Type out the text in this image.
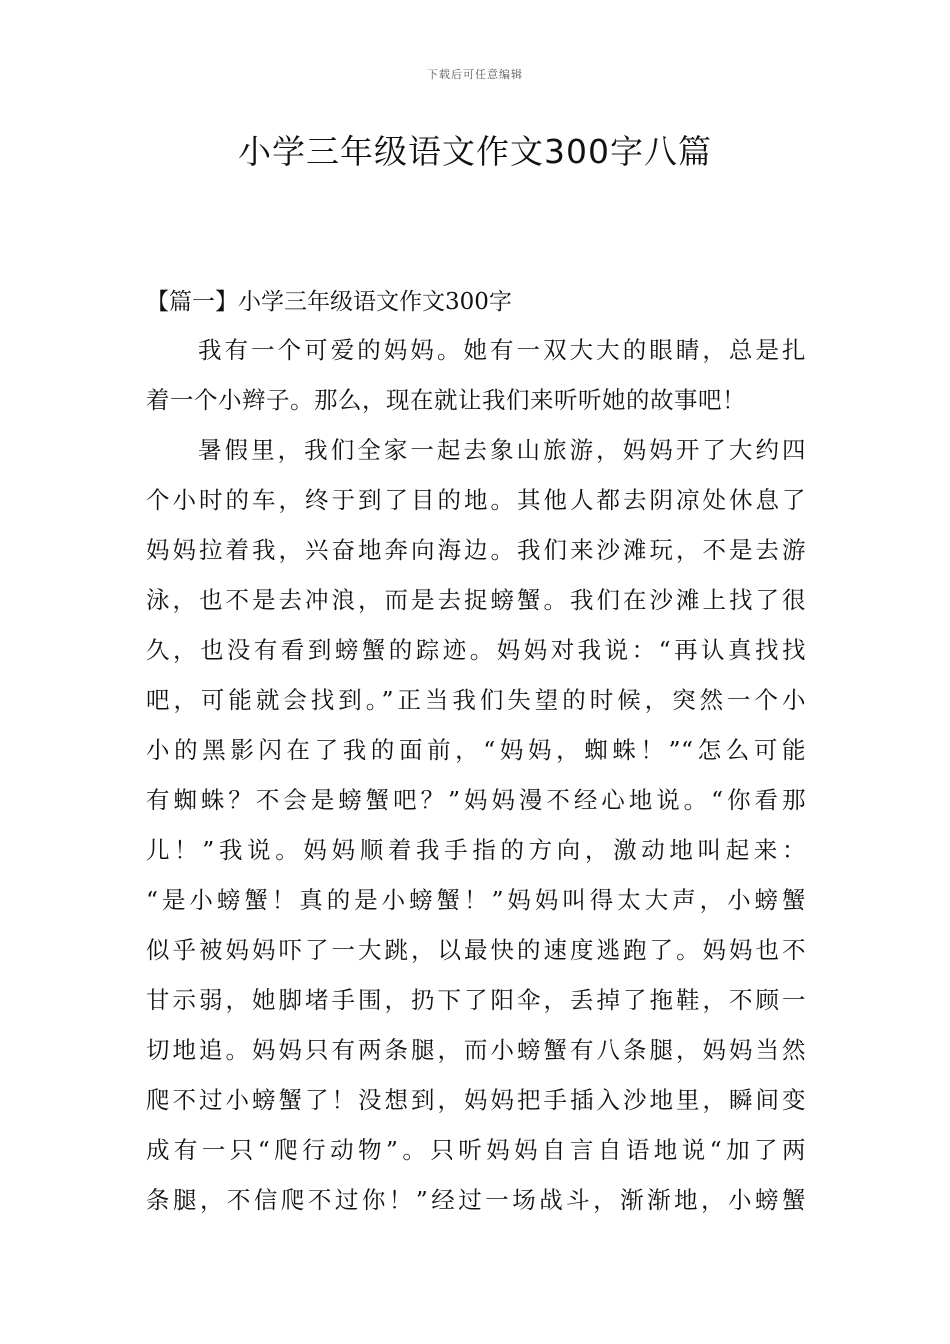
下载后可任意编辑
小学三年级语文作文300字八篇
【篇一】小学三年级语文作文300字
我有一个可爱的妈妈。她有一双大大的眼睛，总是扎
着一个小辫子。那么，现在就让我们来听听她的故事吧！
暑假里，我们全家一起去象山旅游，妈妈开了大约四
个小时的车，终于到了目的地。其他人都去阴凉处休息了
妈妈拉着我，兴奋地奔向海边。我们来沙滩玩，不是去游
泳，也不是去冲浪，而是去捉螃蟹。我们在沙滩上找了很
久，也没有看到螃蟹的踪迹。妈妈对我说：“再认真找找
吧，可能就会找到。”正当我们失望的时候，突然一个小
小的黑影闪在了我的面前，“妈妈，蜘蛛！”“怎么可能
有蜘蛛？不会是螃蟹吧？”妈妈漫不经心地说。“你看那
儿！”我说。妈妈顺着我手指的方向，激动地叫起来：
“是小螃蟹！真的是小螃蟹！”妈妈叫得太大声，小螃蟹
似乎被妈妈吓了一大跳，以最快的速度逃跑了。妈妈也不
甘示弱，她脚堵手围，扔下了阳伞，丢掉了拖鞋，不顾一
切地追。妈妈只有两条腿，而小螃蟹有八条腿，妈妈当然
爬不过小螃蟹了！没想到，妈妈把手插入沙地里，瞬间变
成有一只“爬行动物”。只听妈妈自言自语地说“加了两
条腿，不信爬不过你！”经过一场战斗，渐渐地，小螃蟹
